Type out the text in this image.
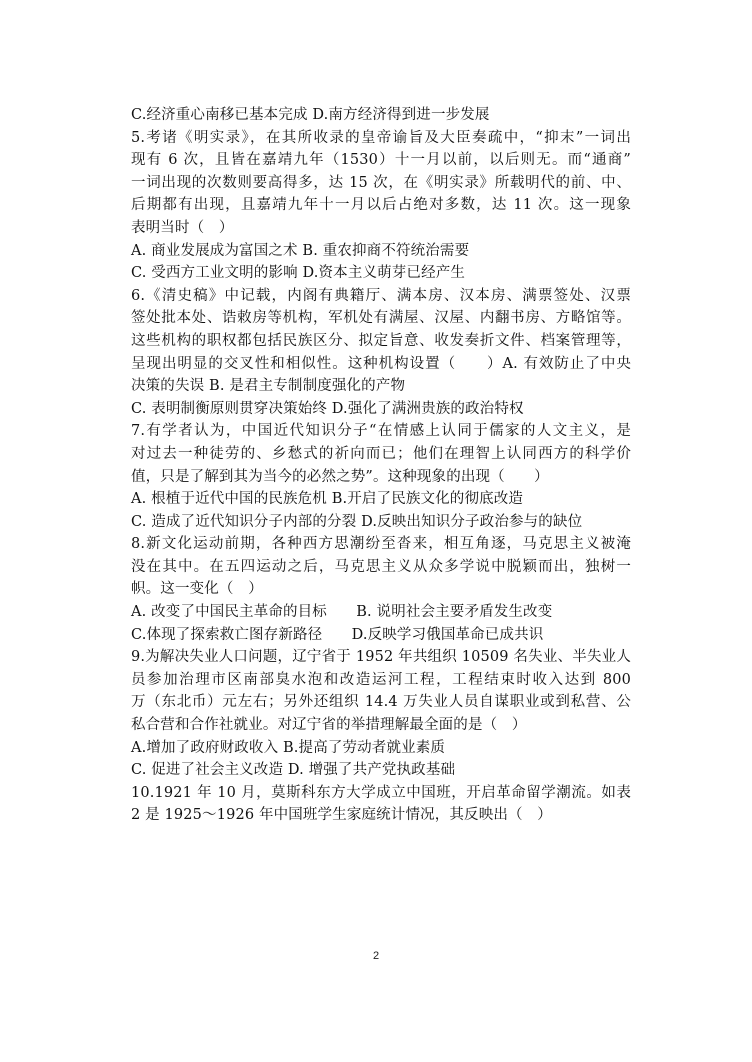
C.经济重心南移已基本完成 D.南方经济得到进一步发展
5.考诸《明实录》，在其所收录的皇帝谕旨及大臣奏疏中，“抑末”一词出
现有 6 次，且皆在嘉靖九年（1530）十一月以前，以后则无。而“通商”
一词出现的次数则要高得多，达 15 次，在《明实录》所载明代的前、中、
后期都有出现，且嘉靖九年十一月以后占绝对多数，达 11 次。这一现象
表明当时（　）
A. 商业发展成为富国之术 B. 重农抑商不符统治需要
C. 受西方工业文明的影响 D.资本主义萌芽已经产生
6.《清史稿》中记载，内阁有典籍厅、满本房、汉本房、满票签处、汉票
签处批本处、诰敕房等机构，军机处有满屋、汉屋、内翻书房、方略馆等。
这些机构的职权都包括民族区分、拟定旨意、收发奏折文件、档案管理等，
呈现出明显的交叉性和相似性。这种机构设置（　　）A. 有效防止了中央
决策的失误 B. 是君主专制制度强化的产物
C. 表明制衡原则贯穿决策始终 D.强化了满洲贵族的政治特权
7.有学者认为，中国近代知识分子“在情感上认同于儒家的人文主义，是
对过去一种徒劳的、乡愁式的祈向而已；他们在理智上认同西方的科学价
值，只是了解到其为当今的必然之势”。这种现象的出现（　　）
A. 根植于近代中国的民族危机 B.开启了民族文化的彻底改造
C. 造成了近代知识分子内部的分裂 D.反映出知识分子政治参与的缺位
8.新文化运动前期，各种西方思潮纷至沓来，相互角逐，马克思主义被淹
没在其中。在五四运动之后，马克思主义从众多学说中脱颖而出，独树一
帜。这一变化（　）
A. 改变了中国民主革命的目标　　B. 说明社会主要矛盾发生改变
C.体现了探索救亡图存新路径　　D.反映学习俄国革命已成共识
9.为解决失业人口问题，辽宁省于 1952 年共组织 10509 名失业、半失业人
员参加治理市区南部臭水泡和改造运河工程，工程结束时收入达到 800
万（东北币）元左右；另外还组织 14.4 万失业人员自谋职业或到私营、公
私合营和合作社就业。对辽宁省的举措理解最全面的是（　）
A.增加了政府财政收入 B.提高了劳动者就业素质
C. 促进了社会主义改造 D. 增强了共产党执政基础
10.1921 年 10 月，莫斯科东方大学成立中国班，开启革命留学潮流。如表
2 是 1925～1926 年中国班学生家庭统计情况，其反映出（　）
2
